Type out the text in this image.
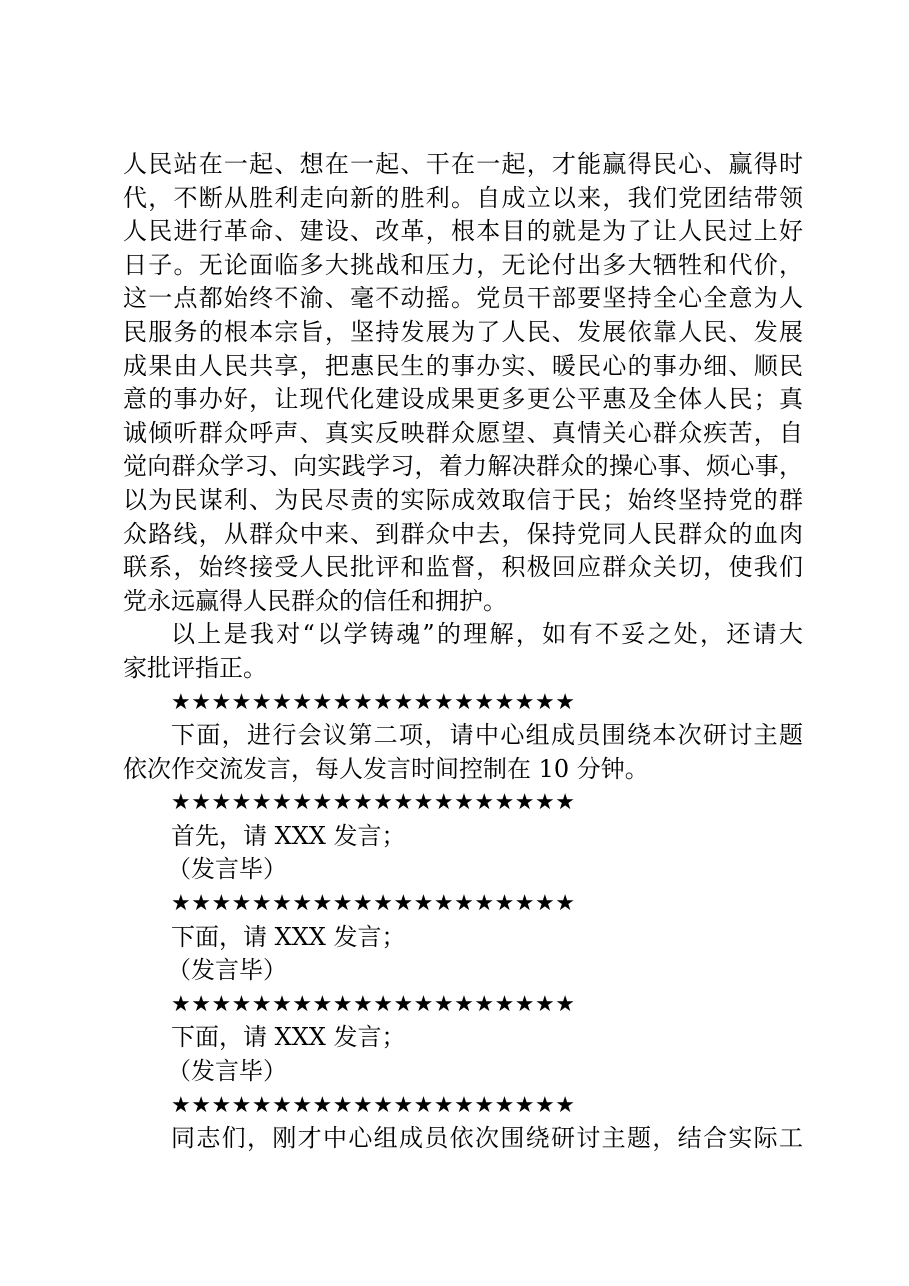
人民站在一起、想在一起、干在一起，才能赢得民心、赢得时
代，不断从胜利走向新的胜利。自成立以来，我们党团结带领
人民进行革命、建设、改革，根本目的就是为了让人民过上好
日子。无论面临多大挑战和压力，无论付出多大牺牲和代价，
这一点都始终不渝、毫不动摇。党员干部要坚持全心全意为人
民服务的根本宗旨，坚持发展为了人民、发展依靠人民、发展
成果由人民共享，把惠民生的事办实、暖民心的事办细、顺民
意的事办好，让现代化建设成果更多更公平惠及全体人民；真
诚倾听群众呼声、真实反映群众愿望、真情关心群众疾苦，自
觉向群众学习、向实践学习，着力解决群众的操心事、烦心事，
以为民谋利、为民尽责的实际成效取信于民；始终坚持党的群
众路线，从群众中来、到群众中去，保持党同人民群众的血肉
联系，始终接受人民批评和监督，积极回应群众关切，使我们
党永远赢得人民群众的信任和拥护。
以上是我对“以学铸魂”的理解，如有不妥之处，还请大
家批评指正。
★★★★★★★★★★★★★★★★★★★★
下面，进行会议第二项，请中心组成员围绕本次研讨主题
依次作交流发言，每人发言时间控制在 10 分钟。
★★★★★★★★★★★★★★★★★★★★
首先，请 XXX 发言；
（发言毕）
★★★★★★★★★★★★★★★★★★★★
下面，请 XXX 发言；
（发言毕）
★★★★★★★★★★★★★★★★★★★★
下面，请 XXX 发言；
（发言毕）
★★★★★★★★★★★★★★★★★★★★
同志们，刚才中心组成员依次围绕研讨主题，结合实际工
